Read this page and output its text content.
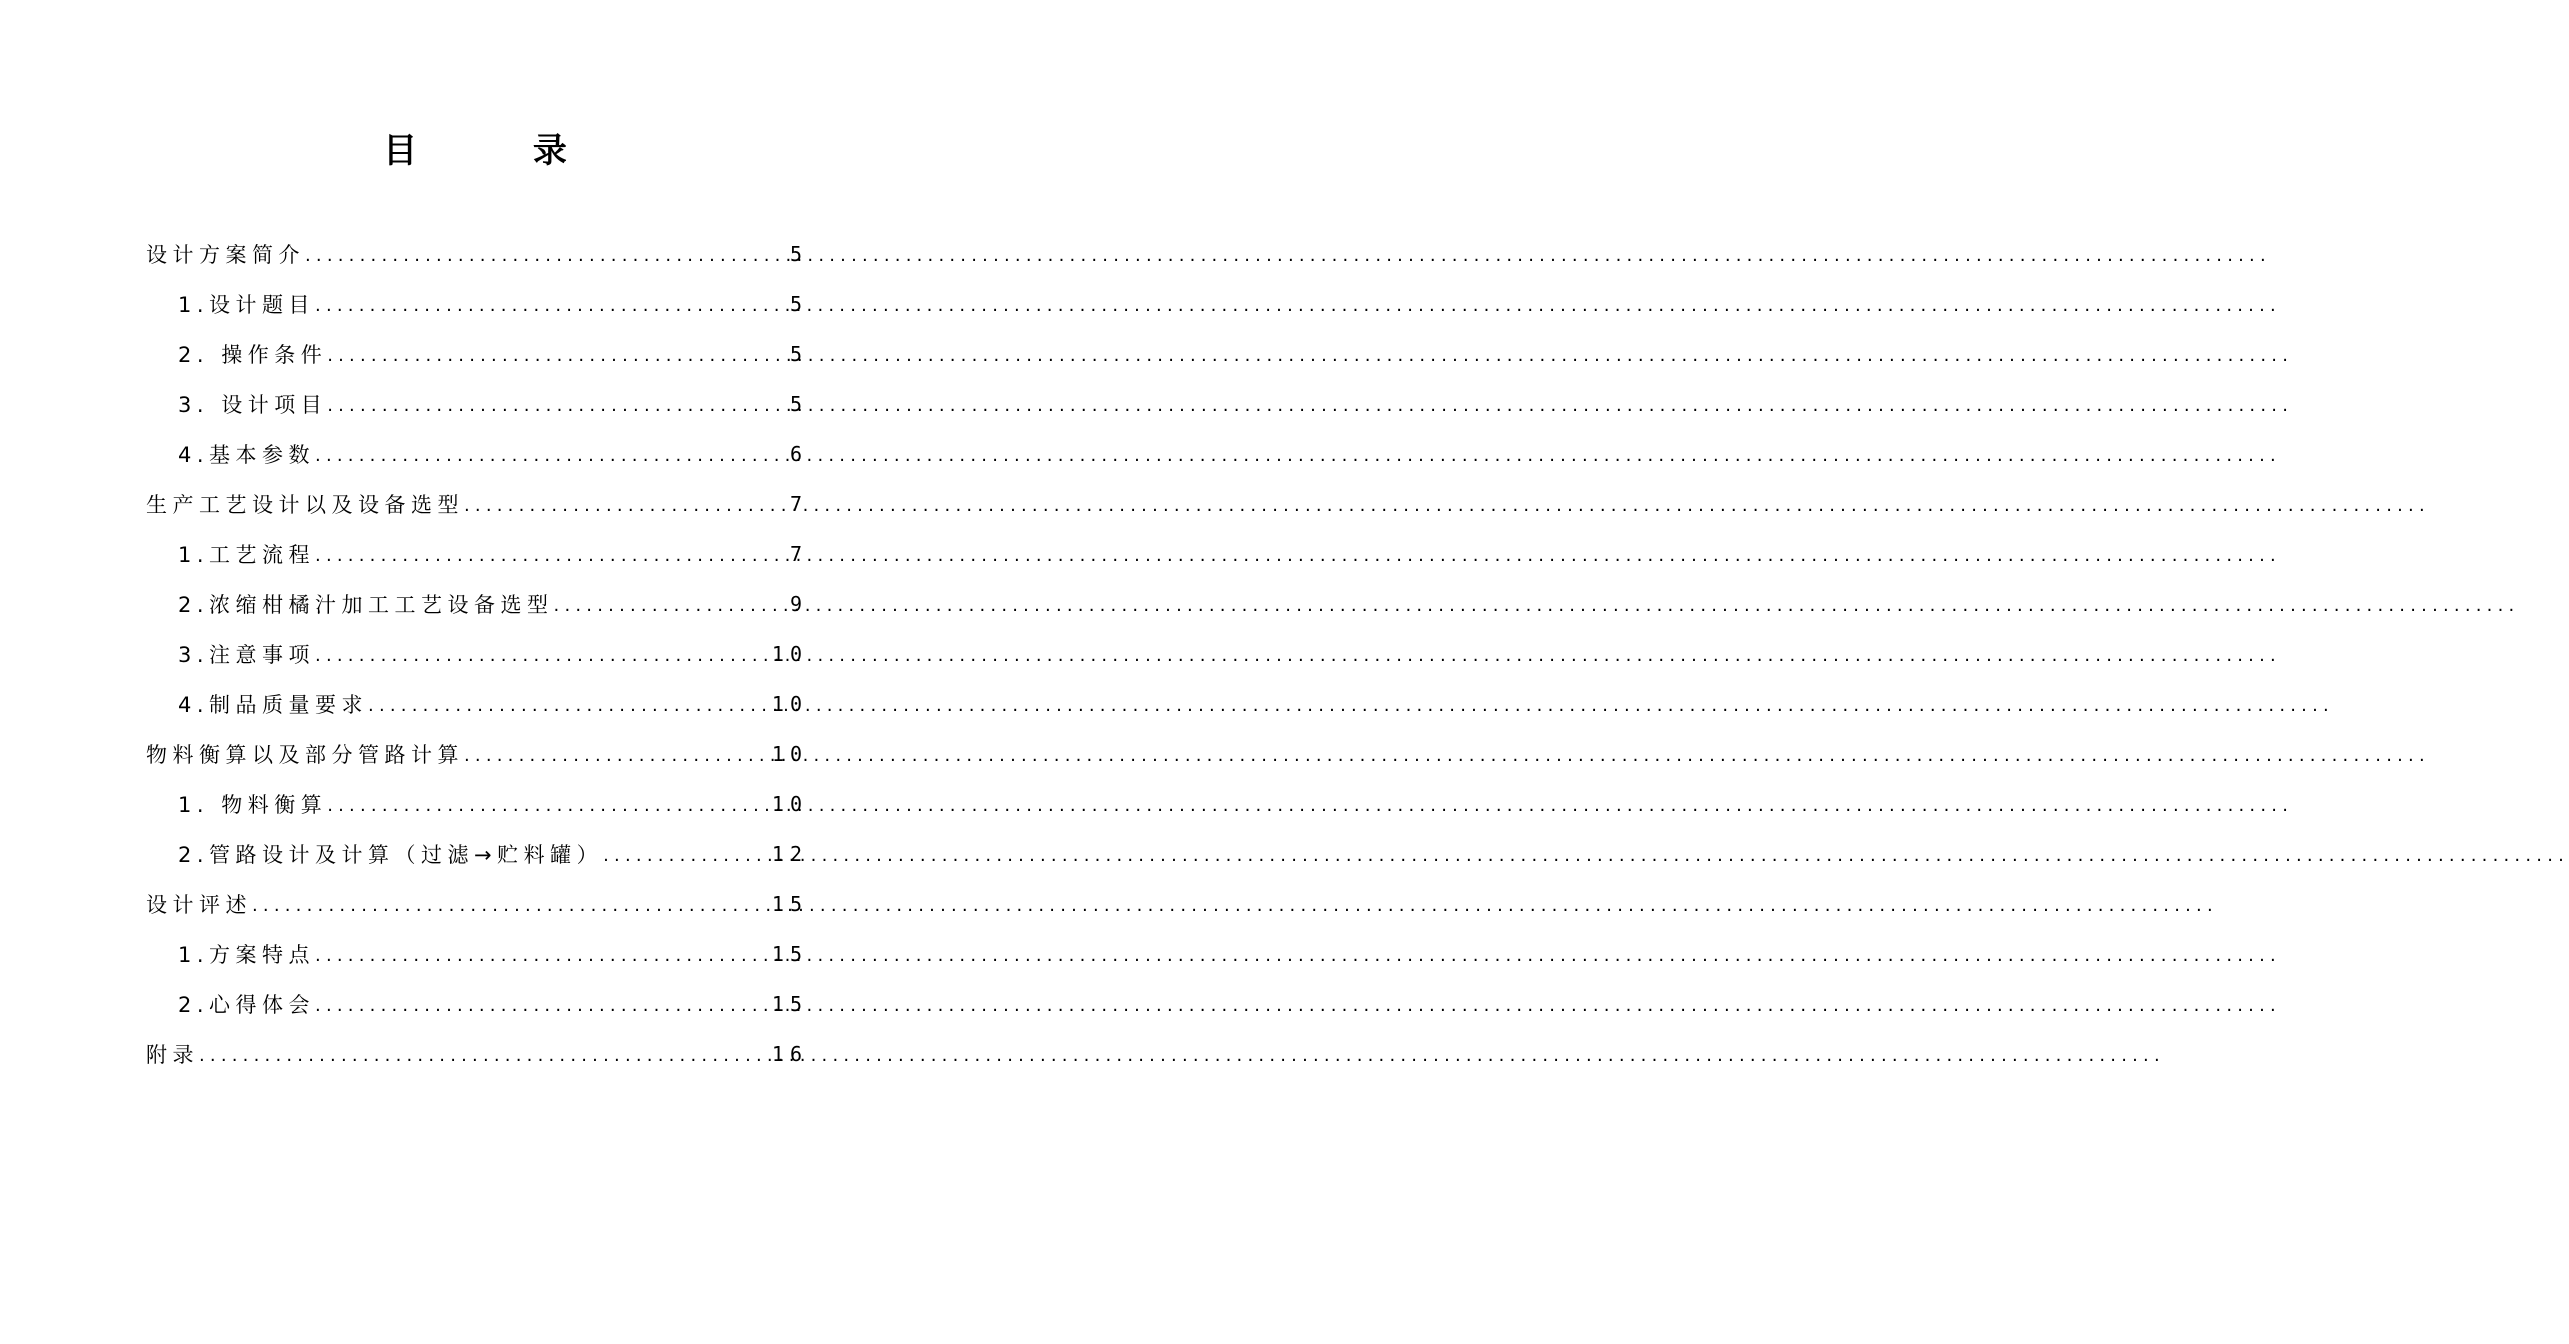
目 录
设计方案简介 .....	5
1.设计题目 .....	5
2. 操作条件 .....	5
3. 设计项目 .....	5
4.基本参数 .....	6
生产工艺设计以及设备选型 .....	7
1.工艺流程 .....	7
2.浓缩柑橘汁加工工艺设备选型 .....	9
3.注意事项 .....	10
4.制品质量要求 .....	10
物料衡算以及部分管路计算 .....	10
1. 物料衡算 .....	10
2.管路设计及计算（过滤→贮料罐） .....	12
设计评述 .....	15
1.方案特点 .....	15
2.心得体会 .....	15
附录 .....	16
